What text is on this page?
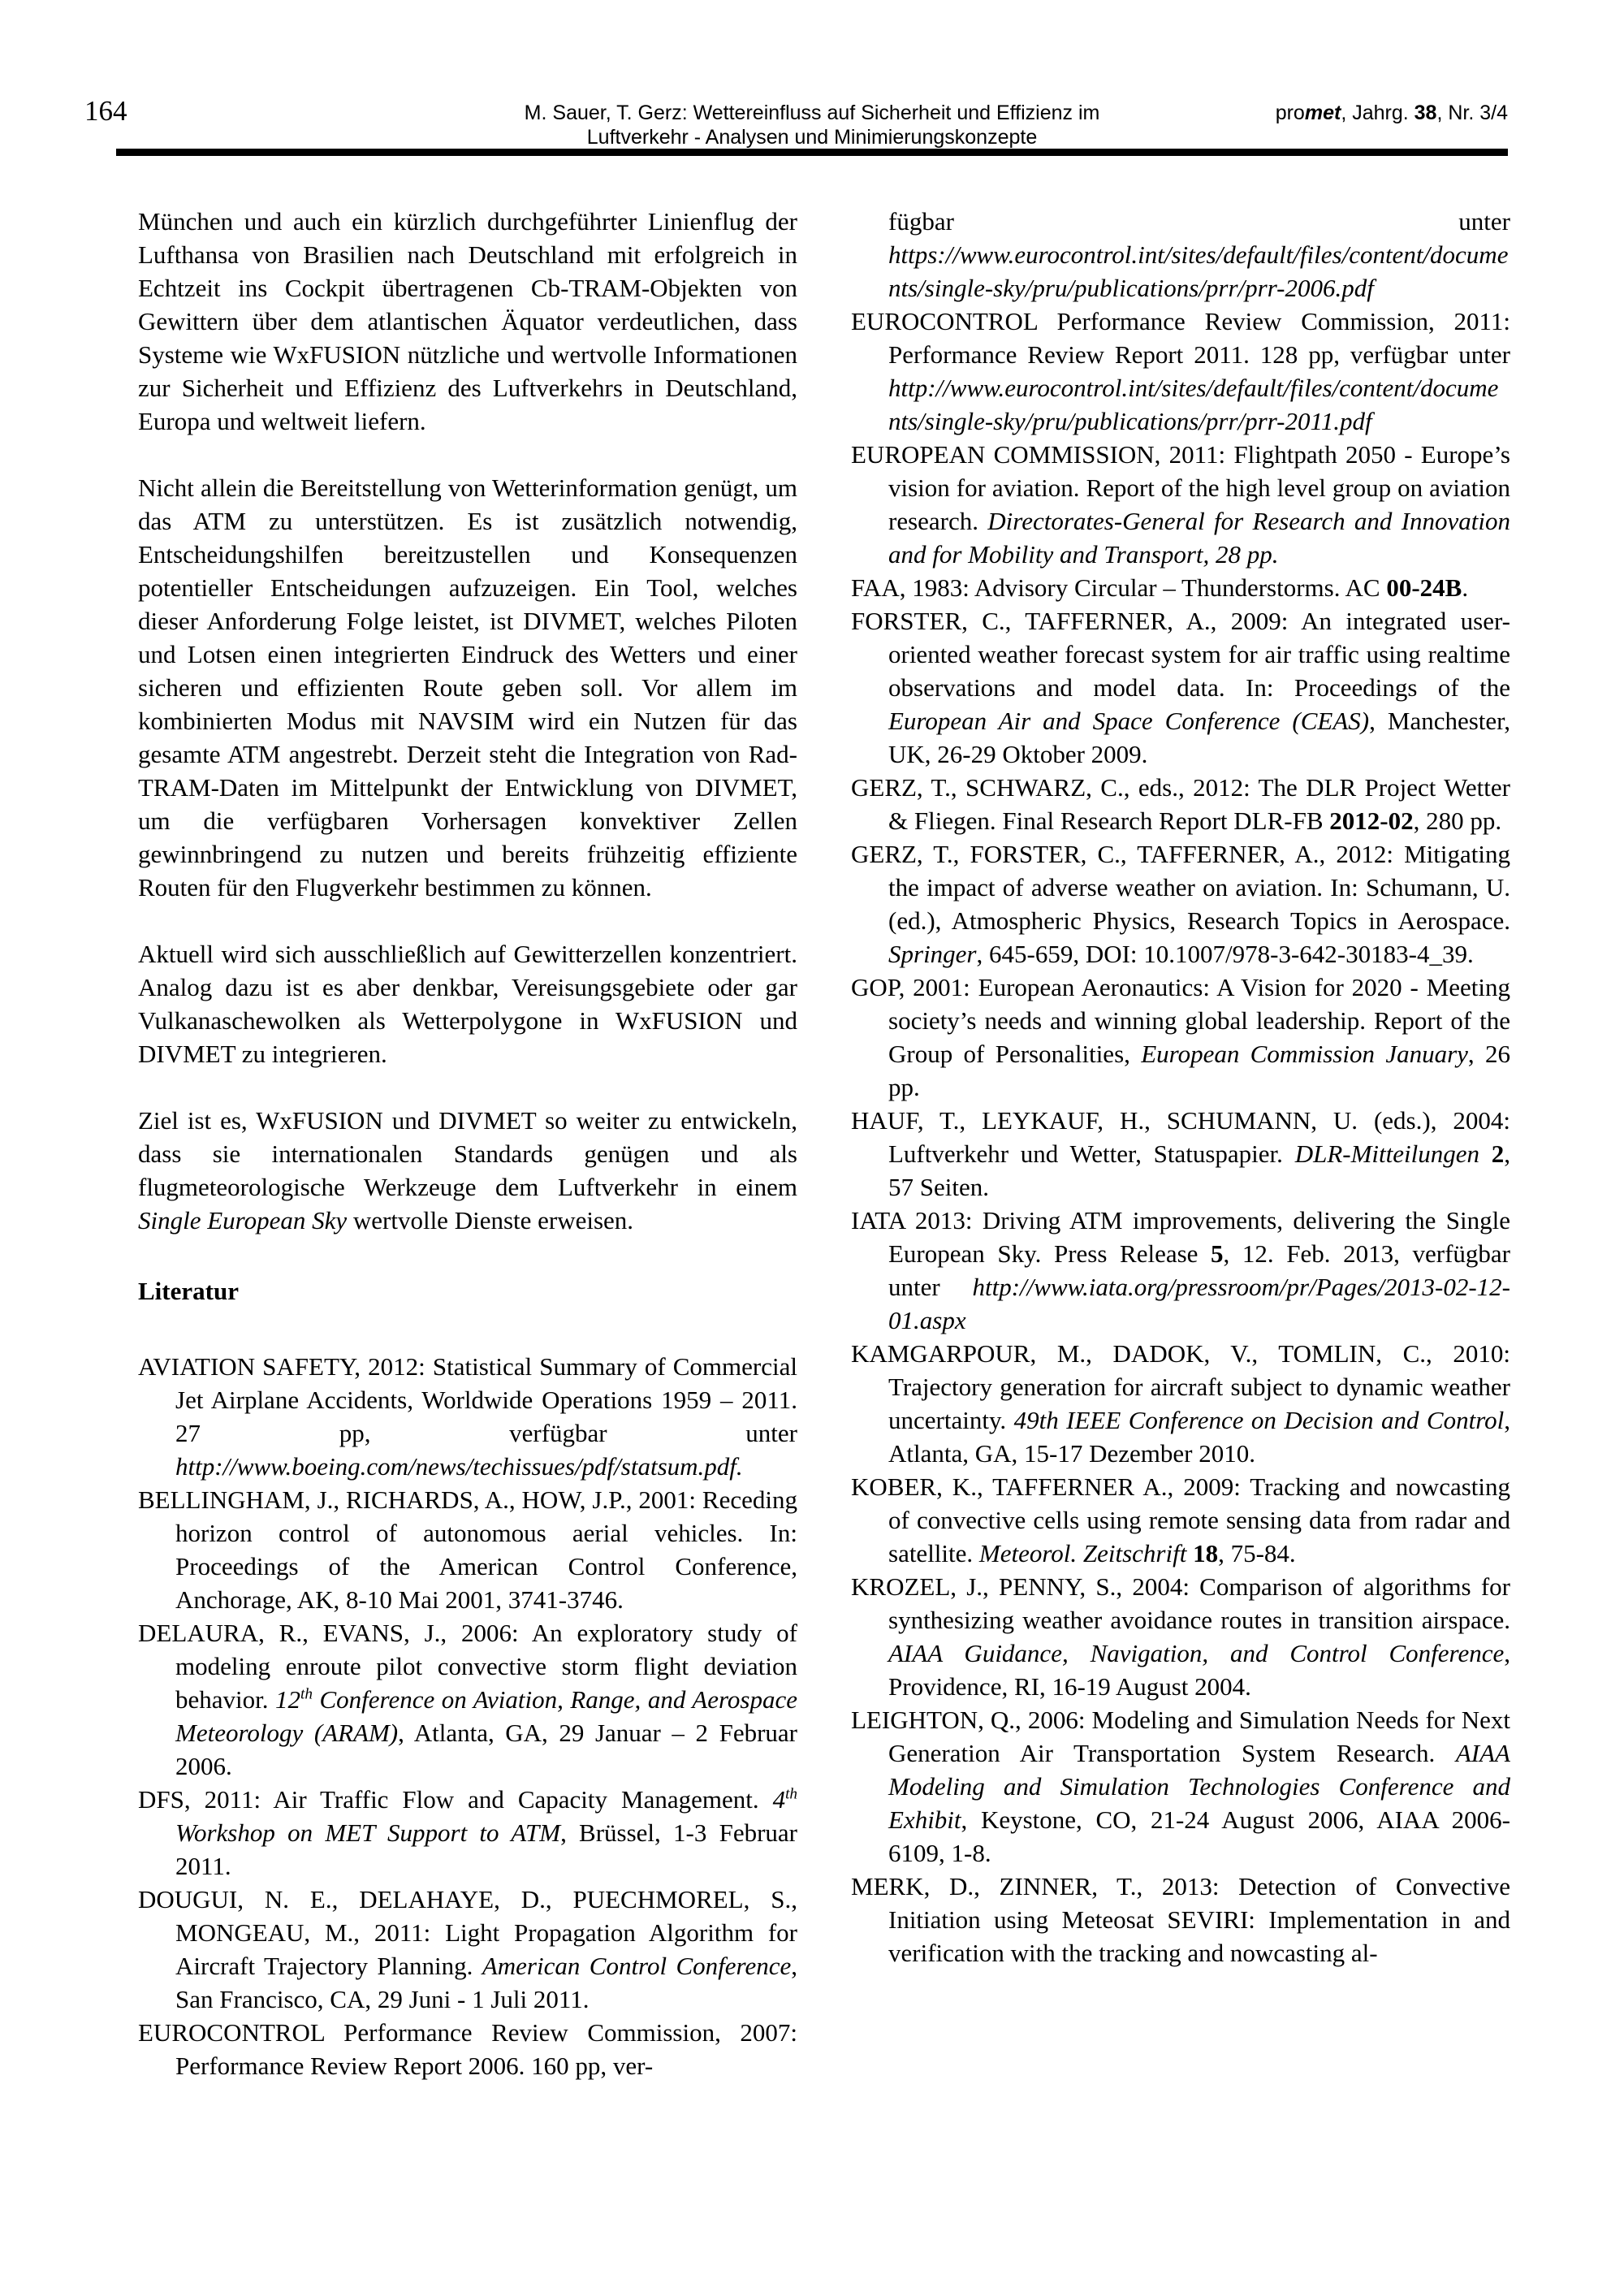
164	M. Sauer, T. Gerz: Wettereinfluss auf Sicherheit und Effizienz im
Luftverkehr - Analysen und Minimierungskonzepte
promet, Jahrg. 38, Nr. 3/4

München und auch ein kürzlich durchgeführter Linienflug der Lufthansa von Brasilien nach Deutschland mit erfolgreich in Echtzeit ins Cockpit übertragenen Cb-TRAM-Objekten von Gewittern über dem atlantischen Äquator verdeutlichen, dass Systeme wie WxFUSION nützliche und wertvolle Informationen zur Sicherheit und Effizienz des Luftverkehrs in Deutschland, Europa und weltweit liefern.

Nicht allein die Bereitstellung von Wetterinformation genügt, um das ATM zu unterstützen. Es ist zusätzlich notwendig, Entscheidungshilfen bereitzustellen und Konsequenzen potentieller Entscheidungen aufzuzeigen. Ein Tool, welches dieser Anforderung Folge leistet, ist DIVMET, welches Piloten und Lotsen einen integrierten Eindruck des Wetters und einer sicheren und effizienten Route geben soll. Vor allem im kombinierten Modus mit NAVSIM wird ein Nutzen für das gesamte ATM angestrebt. Derzeit steht die Integration von Rad-TRAM-Daten im Mittelpunkt der Entwicklung von DIVMET, um die verfügbaren Vorhersagen konvektiver Zellen gewinnbringend zu nutzen und bereits frühzeitig effiziente Routen für den Flugverkehr bestimmen zu können.

Aktuell wird sich ausschließlich auf Gewitterzellen konzentriert. Analog dazu ist es aber denkbar, Vereisungsgebiete oder gar Vulkanaschewolken als Wetterpolygone in WxFUSION und DIVMET zu integrieren.

Ziel ist es, WxFUSION und DIVMET so weiter zu entwickeln, dass sie internationalen Standards genügen und als flugmeteorologische Werkzeuge dem Luftverkehr in einem Single European Sky wertvolle Dienste erweisen.

Literatur

AVIATION SAFETY, 2012: Statistical Summary of Commercial Jet Airplane Accidents, Worldwide Operations 1959 – 2011. 27 pp, verfügbar unter http://www.boeing.com/news/techissues/pdf/statsum.pdf.

BELLINGHAM, J., RICHARDS, A., HOW, J.P., 2001: Receding horizon control of autonomous aerial vehicles. In: Proceedings of the American Control Conference, Anchorage, AK, 8-10 Mai 2001, 3741-3746.

DELAURA, R., EVANS, J., 2006: An exploratory study of modeling enroute pilot convective storm flight deviation behavior. 12th Conference on Aviation, Range, and Aerospace Meteorology (ARAM), Atlanta, GA, 29 Januar – 2 Februar 2006.

DFS, 2011: Air Traffic Flow and Capacity Management. 4th Workshop on MET Support to ATM, Brüssel, 1-3 Februar 2011.

DOUGUI, N. E., DELAHAYE, D., PUECHMOREL, S., MONGEAU, M., 2011: Light Propagation Algorithm for Aircraft Trajectory Planning. American Control Conference, San Francisco, CA, 29 Juni - 1 Juli 2011.

EUROCONTROL Performance Review Commission, 2007: Performance Review Report 2006. 160 pp, ver-

fügbar unter https://www.eurocontrol.int/sites/default/files/content/documents/single-sky/pru/publications/prr/prr-2006.pdf

EUROCONTROL Performance Review Commission, 2011: Performance Review Report 2011. 128 pp, verfügbar unter http://www.eurocontrol.int/sites/default/files/content/documents/single-sky/pru/publications/prr/prr-2011.pdf

EUROPEAN COMMISSION, 2011: Flightpath 2050 - Europe’s vision for aviation. Report of the high level group on aviation research. Directorates-General for Research and Innovation and for Mobility and Transport, 28 pp.

FAA, 1983: Advisory Circular – Thunderstorms. AC 00-24B.

FORSTER, C., TAFFERNER, A., 2009: An integrated user-oriented weather forecast system for air traffic using realtime observations and model data. In: Proceedings of the European Air and Space Conference (CEAS), Manchester, UK, 26-29 Oktober 2009.

GERZ, T., SCHWARZ, C., eds., 2012: The DLR Project Wetter & Fliegen. Final Research Report DLR-FB 2012-02, 280 pp.

GERZ, T., FORSTER, C., TAFFERNER, A., 2012: Mitigating the impact of adverse weather on aviation. In: Schumann, U. (ed.), Atmospheric Physics, Research Topics in Aerospace. Springer, 645-659, DOI: 10.1007/978-3-642-30183-4_39.

GOP, 2001: European Aeronautics: A Vision for 2020 - Meeting society’s needs and winning global leadership. Report of the Group of Personalities, European Commission January, 26 pp.

HAUF, T., LEYKAUF, H., SCHUMANN, U. (eds.), 2004: Luftverkehr und Wetter, Statuspapier. DLR-Mitteilungen 2, 57 Seiten.

IATA 2013: Driving ATM improvements, delivering the Single European Sky. Press Release 5, 12. Feb. 2013, verfügbar unter http://www.iata.org/pressroom/pr/Pages/2013-02-12-01.aspx

KAMGARPOUR, M., DADOK, V., TOMLIN, C., 2010: Trajectory generation for aircraft subject to dynamic weather uncertainty. 49th IEEE Conference on Decision and Control, Atlanta, GA, 15-17 Dezember 2010.

KOBER, K., TAFFERNER A., 2009: Tracking and nowcasting of convective cells using remote sensing data from radar and satellite. Meteorol. Zeitschrift 18, 75-84.

KROZEL, J., PENNY, S., 2004: Comparison of algorithms for synthesizing weather avoidance routes in transition airspace. AIAA Guidance, Navigation, and Control Conference, Providence, RI, 16-19 August 2004.

LEIGHTON, Q., 2006: Modeling and Simulation Needs for Next Generation Air Transportation System Research. AIAA Modeling and Simulation Technologies Conference and Exhibit, Keystone, CO, 21-24 August 2006, AIAA 2006-6109, 1-8.

MERK, D., ZINNER, T., 2013: Detection of Convective Initiation using Meteosat SEVIRI: Implementation in and verification with the tracking and nowcasting al-
